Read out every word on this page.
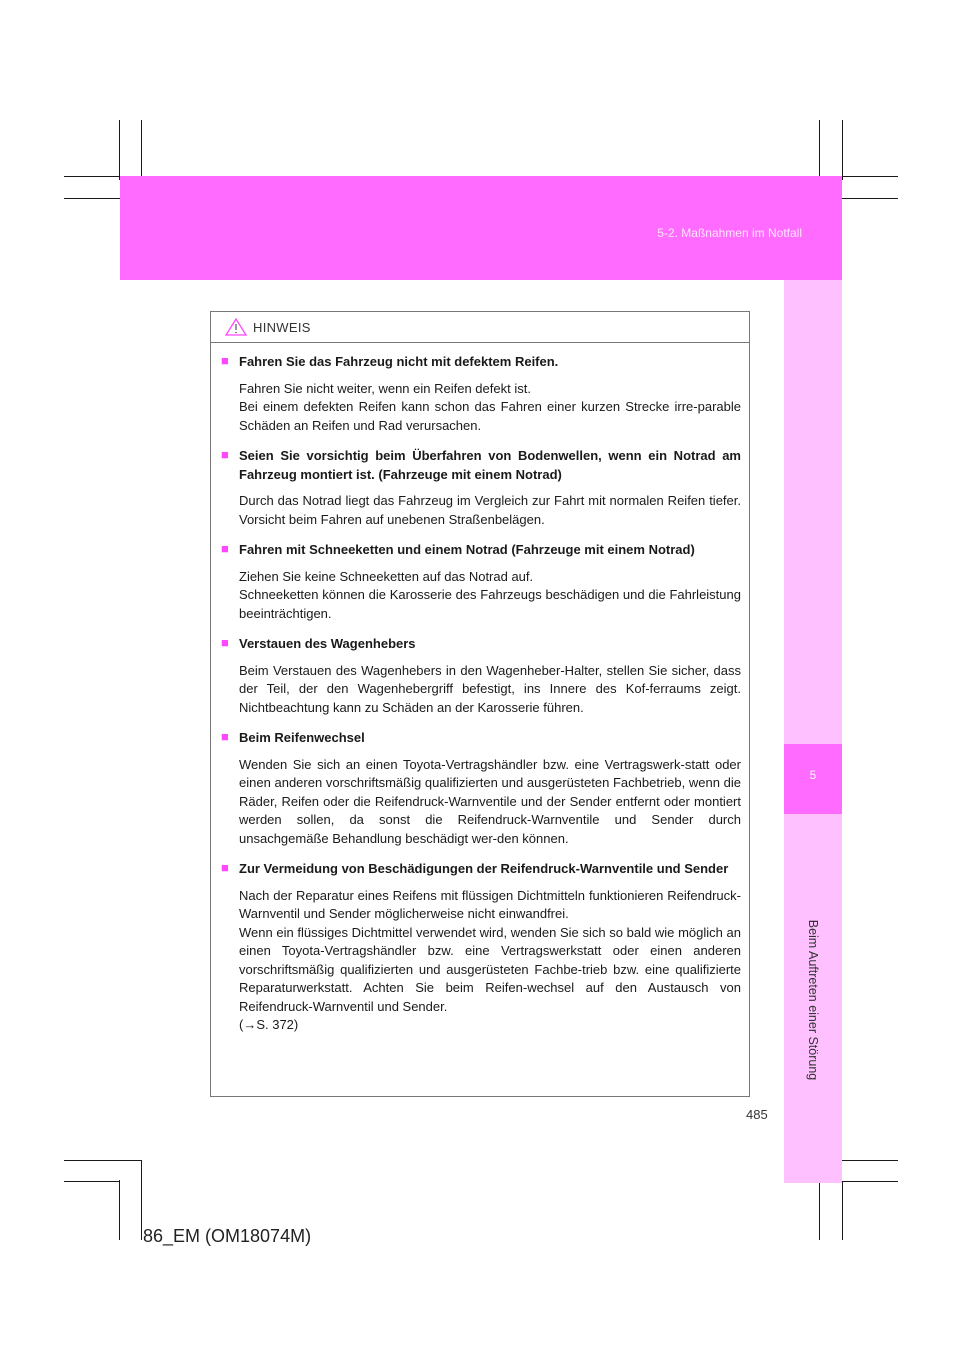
5-2. Maßnahmen im Notfall
5
Beim Auftreten einer Störung
HINWEIS
■ Fahren Sie das Fahrzeug nicht mit defektem Reifen.
Fahren Sie nicht weiter, wenn ein Reifen defekt ist.
Bei einem defekten Reifen kann schon das Fahren einer kurzen Strecke irre-parable Schäden an Reifen und Rad verursachen.
■ Seien Sie vorsichtig beim Überfahren von Bodenwellen, wenn ein Notrad am Fahrzeug montiert ist. (Fahrzeuge mit einem Notrad)
Durch das Notrad liegt das Fahrzeug im Vergleich zur Fahrt mit normalen Reifen tiefer. Vorsicht beim Fahren auf unebenen Straßenbelägen.
■ Fahren mit Schneeketten und einem Notrad (Fahrzeuge mit einem Notrad)
Ziehen Sie keine Schneeketten auf das Notrad auf.
Schneeketten können die Karosserie des Fahrzeugs beschädigen und die Fahrleistung beeinträchtigen.
■ Verstauen des Wagenhebers
Beim Verstauen des Wagenhebers in den Wagenheber-Halter, stellen Sie sicher, dass der Teil, der den Wagenhebergriff befestigt, ins Innere des Kof-ferraums zeigt. Nichtbeachtung kann zu Schäden an der Karosserie führen.
■ Beim Reifenwechsel
Wenden Sie sich an einen Toyota-Vertragshändler bzw. eine Vertragswerk-statt oder einen anderen vorschriftsmäßig qualifizierten und ausgerüsteten Fachbetrieb, wenn die Räder, Reifen oder die Reifendruck-Warnventile und der Sender entfernt oder montiert werden sollen, da sonst die Reifendruck-Warnventile und Sender durch unsachgemäße Behandlung beschädigt wer-den können.
■ Zur Vermeidung von Beschädigungen der Reifendruck-Warnventile und Sender
Nach der Reparatur eines Reifens mit flüssigen Dichtmitteln funktionieren Reifendruck-Warnventil und Sender möglicherweise nicht einwandfrei.
Wenn ein flüssiges Dichtmittel verwendet wird, wenden Sie sich so bald wie möglich an einen Toyota-Vertragshändler bzw. eine Vertragswerkstatt oder einen anderen vorschriftsmäßig qualifizierten und ausgerüsteten Fachbe-trieb bzw. eine qualifizierte Reparaturwerkstatt. Achten Sie beim Reifen-wechsel auf den Austausch von Reifendruck-Warnventil und Sender.
(→S. 372)
485
86_EM (OM18074M)
